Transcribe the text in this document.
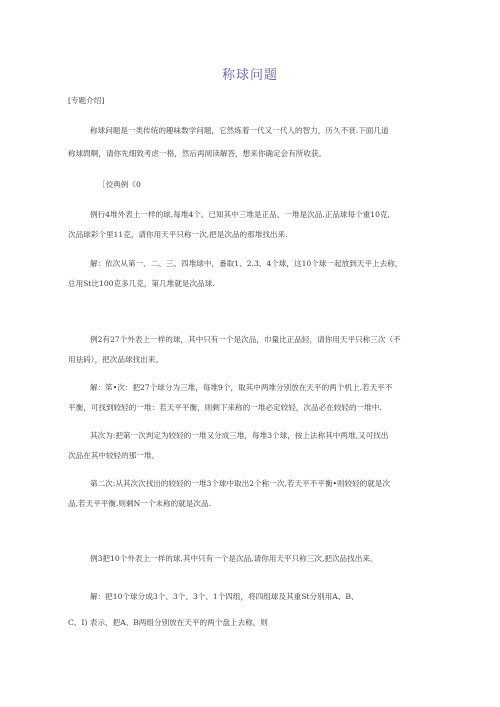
称球问题
[专题介绍]
称球问题是一类传统的趣味数学问题，它然炼着一代又一代人的智力，历久不衰.下面几道
称球問啊，请你先细致考虑一格，然后再阅读解答，想来你确定会有所收获。
［佼典例《0
例行4堆外表上一样的球,每堆4个。已知其中三堆是正品、一堆是次品.正品球每个重10克,
次品球彩个里11克，请你用天平只称一次,把是次品的那堆找出来.
解：依次从第一、二、三、四堆球中，番取1、2,3、4个球，这10个球一起放到天平上去称，
总用St比100克多几克，第几堆就是次品球.
例2有27个外表上一样的球，其中只有一个是次品，巾量比正品轻，请你用天平只称三次（不
用祛码），把次品球找出来。
解：笫•次：把27个球分为三堆，每堆9个，取其中两堆分別放在天平的两个机上.若天平不
平衡，可找到较轻的一堆：若天平平衡，则剩下来称的一堆必定较轻，次品必在较轻的一堆中.
其次为:把第一次判定为较轻的一堆又分成三堆，每堆3个球，按上法称其中两堆,又可找出
次品在其中较轻的那一堆。
第二次:从其次次找出的较轻的一堆3个球中取出2个称一次,若天平不平衡•则较轻的就是次
品,若天平平衡,则剩N一个未称的就是次品.
例3把10个外表上一样的球,其中只有一个是次品,请你用天平只称三次,把次品找出来。
解：把10个球分成3个、3个、3个、1个四组，将四组球及其重St分别用A、B、
C、I) 表示，把A、B两组分别放在天平的两个盘上去称，则
